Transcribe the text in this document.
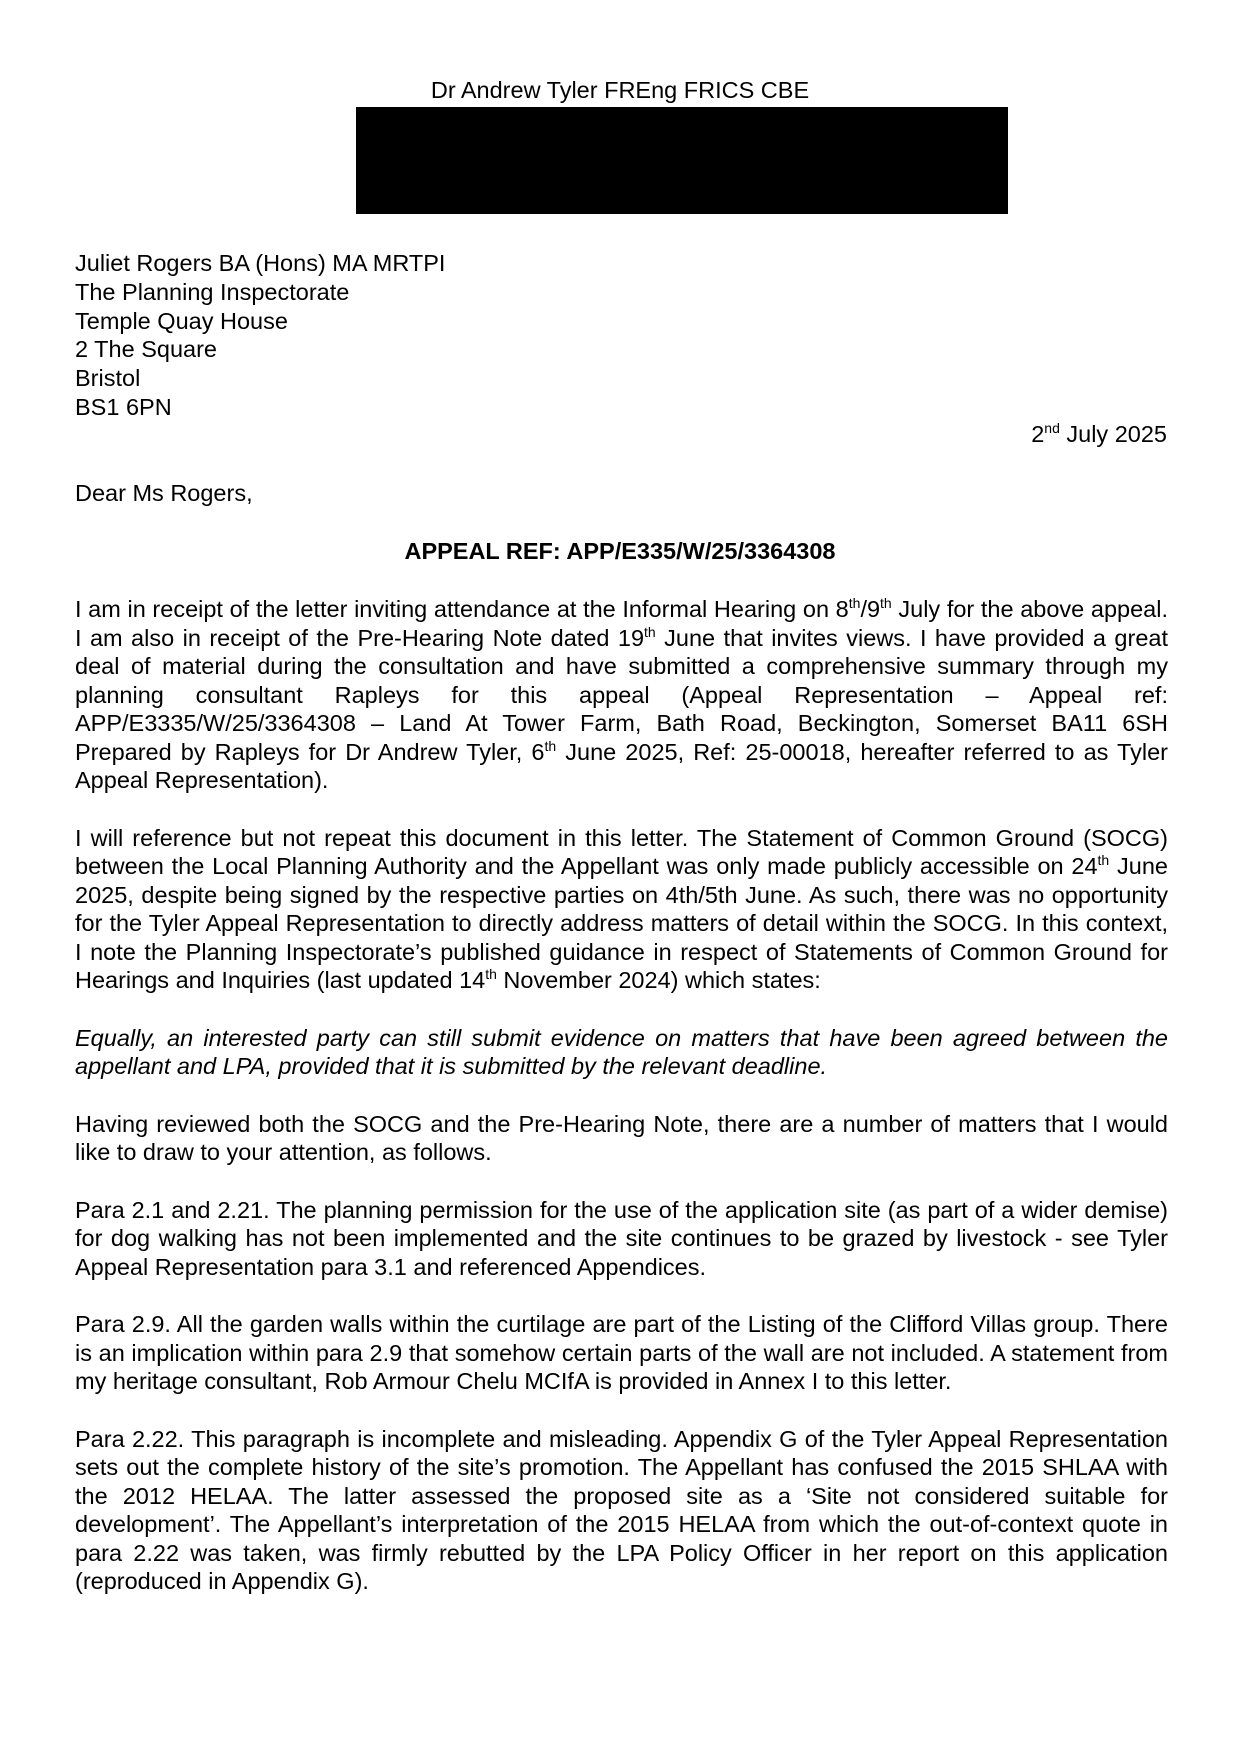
Dr Andrew Tyler FREng FRICS CBE

Juliet Rogers BA (Hons) MA MRTPI
The Planning Inspectorate
Temple Quay House
2 The Square
Bristol
BS1 6PN

2nd July 2025

Dear Ms Rogers,

APPEAL REF: APP/E335/W/25/3364308

I am in receipt of the letter inviting attendance at the Informal Hearing on 8th/9th July for the above appeal. I am also in receipt of the Pre-Hearing Note dated 19th June that invites views. I have provided a great deal of material during the consultation and have submitted a comprehensive summary through my planning consultant Rapleys for this appeal (Appeal Representation – Appeal ref: APP/E3335/W/25/3364308 – Land At Tower Farm, Bath Road, Beckington, Somerset BA11 6SH Prepared by Rapleys for Dr Andrew Tyler, 6th June 2025, Ref: 25-00018, hereafter referred to as Tyler Appeal Representation).

I will reference but not repeat this document in this letter. The Statement of Common Ground (SOCG) between the Local Planning Authority and the Appellant was only made publicly accessible on 24th June 2025, despite being signed by the respective parties on 4th/5th June. As such, there was no opportunity for the Tyler Appeal Representation to directly address matters of detail within the SOCG. In this context, I note the Planning Inspectorate’s published guidance in respect of Statements of Common Ground for Hearings and Inquiries (last updated 14th November 2024) which states:

Equally, an interested party can still submit evidence on matters that have been agreed between the appellant and LPA, provided that it is submitted by the relevant deadline.

Having reviewed both the SOCG and the Pre-Hearing Note, there are a number of matters that I would like to draw to your attention, as follows.

Para 2.1 and 2.21. The planning permission for the use of the application site (as part of a wider demise) for dog walking has not been implemented and the site continues to be grazed by livestock - see Tyler Appeal Representation para 3.1 and referenced Appendices.

Para 2.9. All the garden walls within the curtilage are part of the Listing of the Clifford Villas group. There is an implication within para 2.9 that somehow certain parts of the wall are not included. A statement from my heritage consultant, Rob Armour Chelu MCIfA is provided in Annex I to this letter.

Para 2.22. This paragraph is incomplete and misleading. Appendix G of the Tyler Appeal Representation sets out the complete history of the site’s promotion. The Appellant has confused the 2015 SHLAA with the 2012 HELAA. The latter assessed the proposed site as a ‘Site not considered suitable for development’. The Appellant’s interpretation of the 2015 HELAA from which the out-of-context quote in para 2.22 was taken, was firmly rebutted by the LPA Policy Officer in her report on this application (reproduced in Appendix G).
